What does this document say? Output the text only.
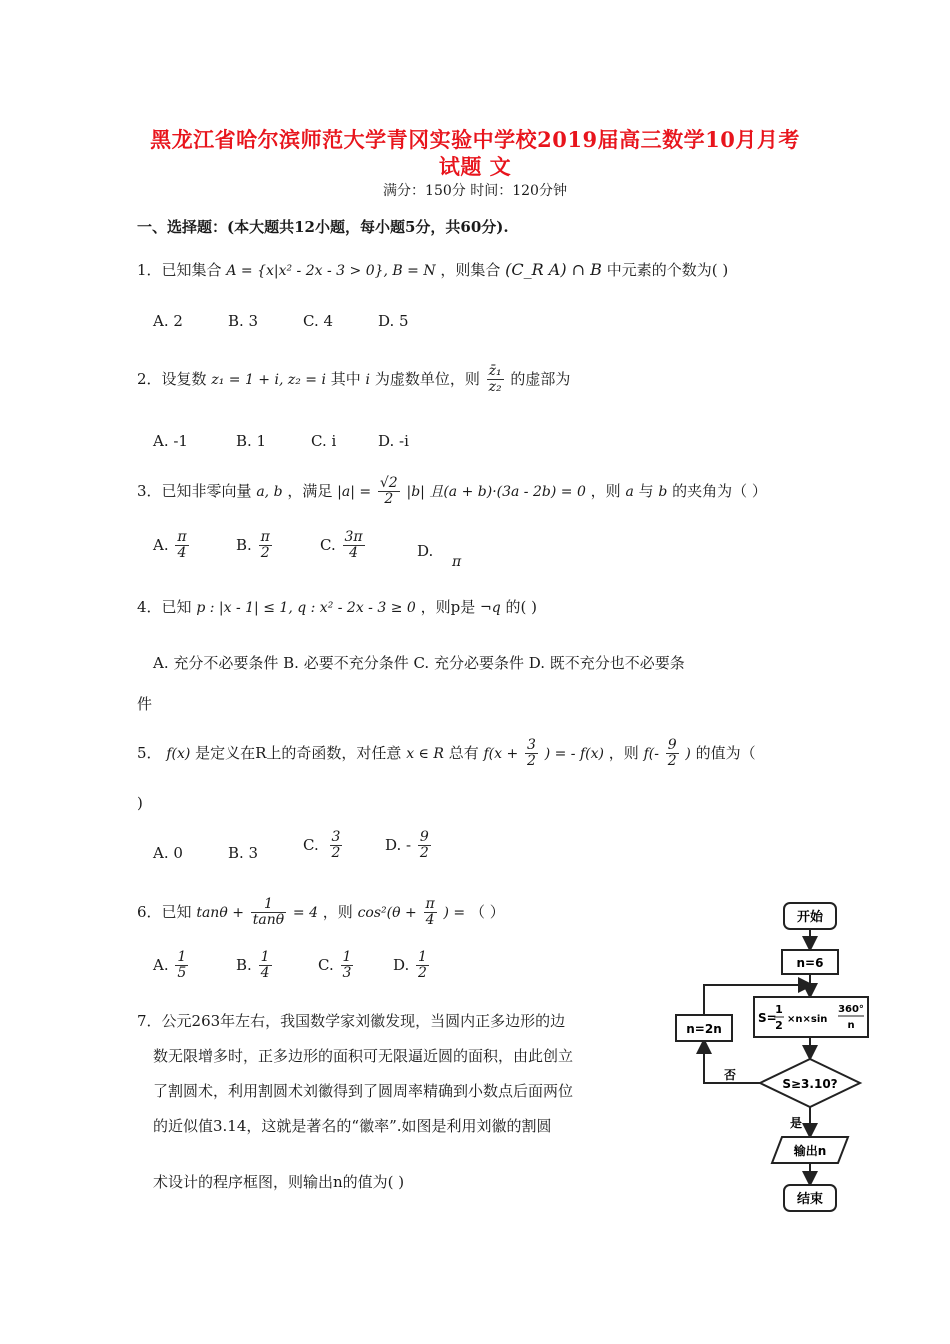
黑龙江省哈尔滨师范大学青冈实验中学校2019届高三数学10月月考
试题 文
满分：150分 时间：120分钟
一、选择题：(本大题共12小题，每小题5分，共60分).
1．已知集合 A = {x|x² - 2x - 3 > 0}, B = N ，则集合 (C_R A) ∩ B 中元素的个数为( )
A. 2	B. 3	C. 4	D. 5
2．设复数 z₁ = 1 + i, z₂ = i 其中 i 为虚数单位，则 $\frac{\text{z̄₁}}{\text{z₂}}$ 的虚部为
A. -1	B. 1	C. i	D. -i
3．已知非零向量 a, b ，满足 $|a| = \frac{√2}{2} |b|$ 且(a + b)·(3a - 2b) = 0 ，则 a 与 b 的夹角为（ ）
A. $\frac{\pi}{4}$	B. $\frac{\pi}{2}$	C. $\frac{3\pi}{4}$	D. π
4．已知 p : |x - 1| ≤ 1, q : x² - 2x - 3 ≥ 0 ，则p是 ¬q 的( )
A. 充分不必要条件 B. 必要不充分条件 C. 充分必要条件 D. 既不充分也不必要条
件
5． f(x) 是定义在R上的奇函数，对任意 x ∈ R 总有 $f(x + \frac{3}{2}$ ) = - f(x) ，则 $f(- \frac{9}{2}$ ) 的值为（
)
A. 0	B. 3	C. $\frac{3}{2}$	D. - $\frac{9}{2}$
6．已知 $\tan\theta + \frac{1}{\tan\theta} = 4$ ，则 $\cos^2(\theta + \frac{\pi}{4}$ ) = （ ）
A. $\frac{1}{5}$	B. $\frac{1}{4}$	C. $\frac{1}{3}$	D. $\frac{1}{2}$
7．公元263年左右，我国数学家刘徽发现，当圆内正多边形的边
数无限增多时，正多边形的面积可无限逼近圆的面积，由此创立
了割圆术，利用割圆术刘徽得到了圆周率精确到小数点后面两位
的近似值3.14，这就是著名的“徽率”.如图是利用刘徽的割圆
术设计的程序框图，则输出n的值为( )
开始
n=6
S=
1
2 ×n×sin
360°
n
S≥3.10?
否
n=2n
是
输出n
结束
